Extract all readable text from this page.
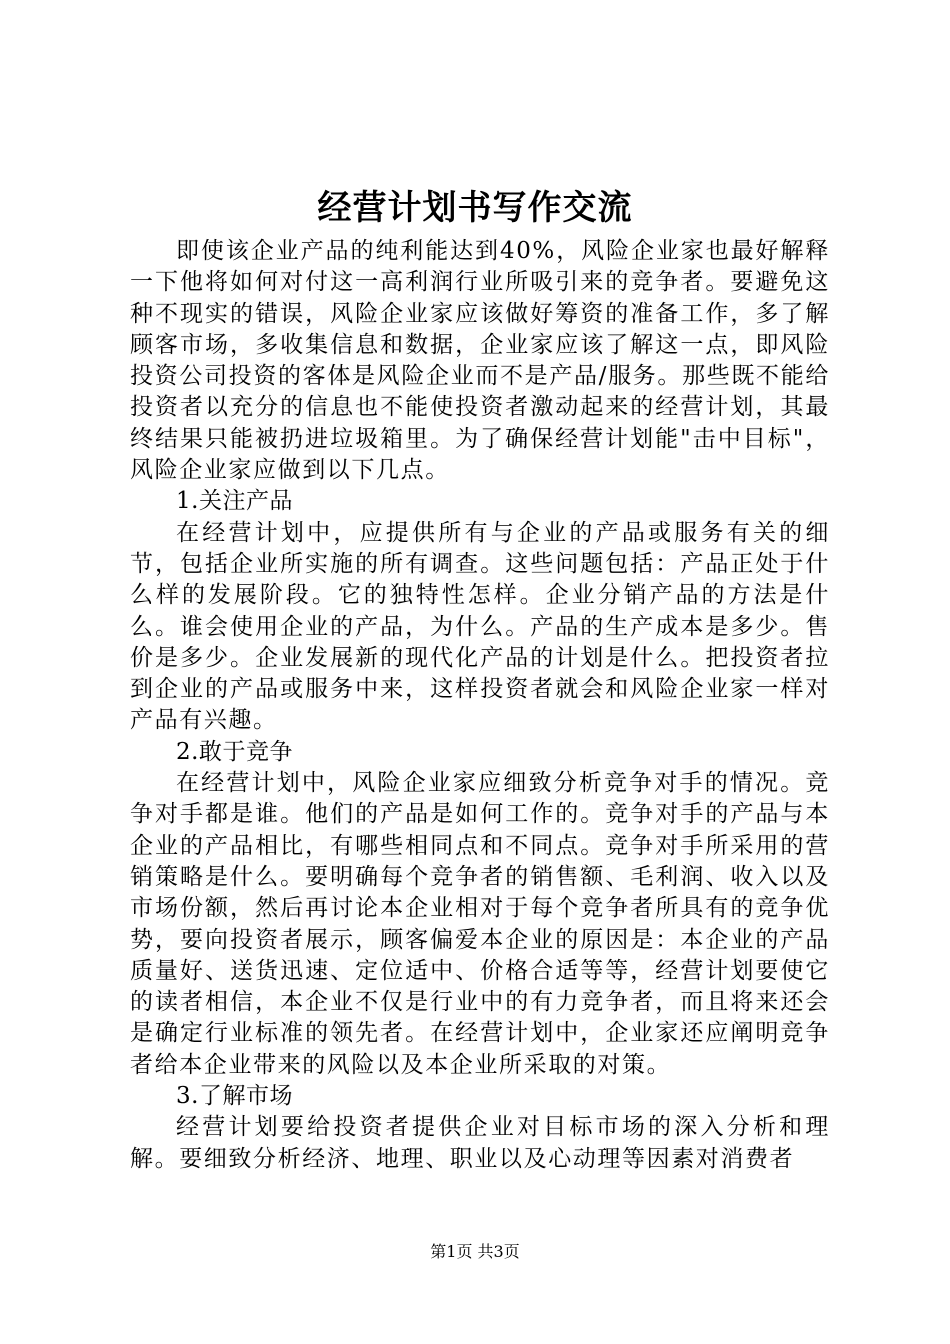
经营计划书写作交流

即使该企业产品的纯利能达到40%，风险企业家也最好解释一下他将如何对付这一高利润行业所吸引来的竞争者。要避免这种不现实的错误，风险企业家应该做好筹资的准备工作，多了解顾客市场，多收集信息和数据，企业家应该了解这一点，即风险投资公司投资的客体是风险企业而不是产品/服务。那些既不能给投资者以充分的信息也不能使投资者激动起来的经营计划，其最终结果只能被扔进垃圾箱里。为了确保经营计划能"击中目标"，风险企业家应做到以下几点。

1.关注产品

在经营计划中，应提供所有与企业的产品或服务有关的细节，包括企业所实施的所有调查。这些问题包括：产品正处于什么样的发展阶段。它的独特性怎样。企业分销产品的方法是什么。谁会使用企业的产品，为什么。产品的生产成本是多少。售价是多少。企业发展新的现代化产品的计划是什么。把投资者拉到企业的产品或服务中来，这样投资者就会和风险企业家一样对产品有兴趣。

2.敢于竞争

在经营计划中，风险企业家应细致分析竞争对手的情况。竞争对手都是谁。他们的产品是如何工作的。竞争对手的产品与本企业的产品相比，有哪些相同点和不同点。竞争对手所采用的营销策略是什么。要明确每个竞争者的销售额、毛利润、收入以及市场份额，然后再讨论本企业相对于每个竞争者所具有的竞争优势，要向投资者展示，顾客偏爱本企业的原因是：本企业的产品质量好、送货迅速、定位适中、价格合适等等，经营计划要使它的读者相信，本企业不仅是行业中的有力竞争者，而且将来还会是确定行业标准的领先者。在经营计划中，企业家还应阐明竞争者给本企业带来的风险以及本企业所采取的对策。

3.了解市场

经营计划要给投资者提供企业对目标市场的深入分析和理解。要细致分析经济、地理、职业以及心动理等因素对消费者

第1页 共3页
